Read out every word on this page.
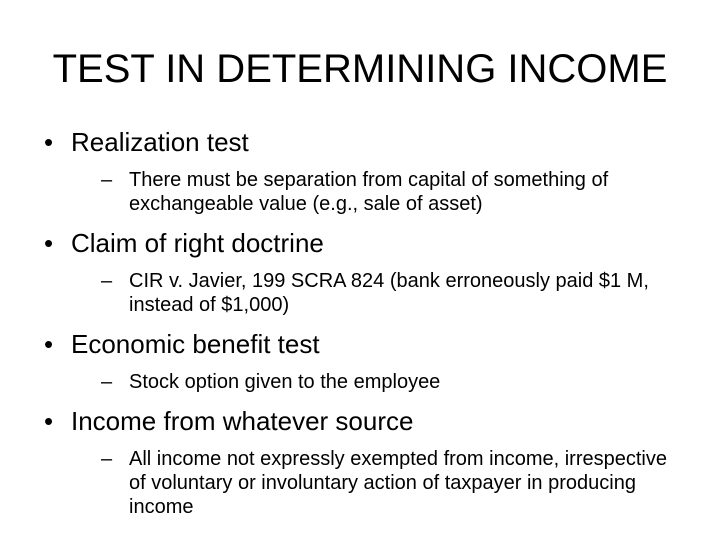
TEST IN DETERMINING INCOME
• Realization test
– There must be separation from capital of something of exchangeable value (e.g., sale of asset)
• Claim of right doctrine
– CIR v. Javier, 199 SCRA 824 (bank erroneously paid $1 M, instead of $1,000)
• Economic benefit test
– Stock option given to the employee
• Income from whatever source
– All income not expressly exempted from income, irrespective of voluntary or involuntary action of taxpayer in producing income
